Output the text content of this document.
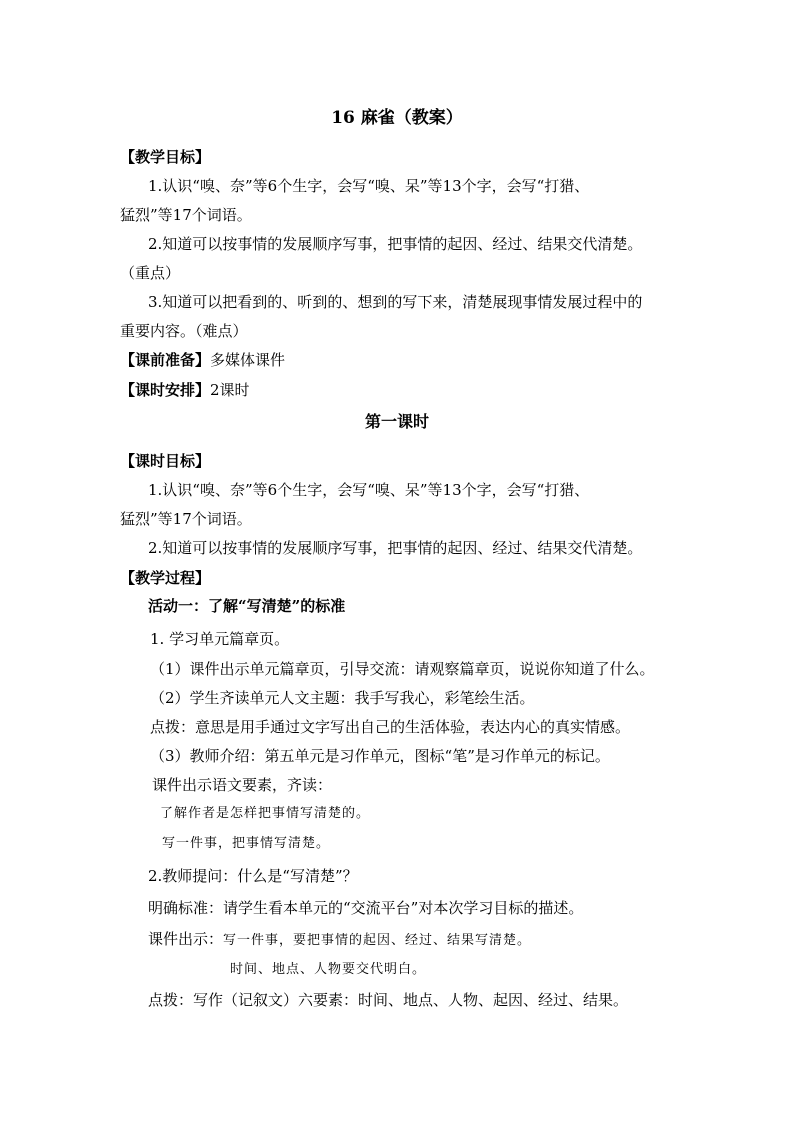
16 麻雀（教案）
【教学目标】
1.认识“嗅、奈”等6个生字，会写“嗅、呆”等13个字，会写“打猎、
猛烈”等17个词语。
2.知道可以按事情的发展顺序写事，把事情的起因、经过、结果交代清楚。
（重点）
3.知道可以把看到的、听到的、想到的写下来，清楚展现事情发展过程中的
重要内容。（难点）
【课前准备】多媒体课件
【课时安排】2课时
第一课时
【课时目标】
1.认识“嗅、奈”等6个生字，会写“嗅、呆”等13个字，会写“打猎、
猛烈”等17个词语。
2.知道可以按事情的发展顺序写事，把事情的起因、经过、结果交代清楚。
【教学过程】
活动一：了解“写清楚”的标准
1. 学习单元篇章页。
（1）课件出示单元篇章页，引导交流：请观察篇章页，说说你知道了什么。
（2）学生齐读单元人文主题：我手写我心，彩笔绘生活。
点拨：意思是用手通过文字写出自己的生活体验，表达内心的真实情感。
（3）教师介绍：第五单元是习作单元，图标“笔”是习作单元的标记。
课件出示语文要素，齐读：
了解作者是怎样把事情写清楚的。
写一件事，把事情写清楚。
2.教师提问：什么是“写清楚”？
明确标准：请学生看本单元的“交流平台”对本次学习目标的描述。
课件出示：写一件事，要把事情的起因、经过、结果写清楚。
时间、地点、人物要交代明白。
点拨：写作（记叙文）六要素：时间、地点、人物、起因、经过、结果。
